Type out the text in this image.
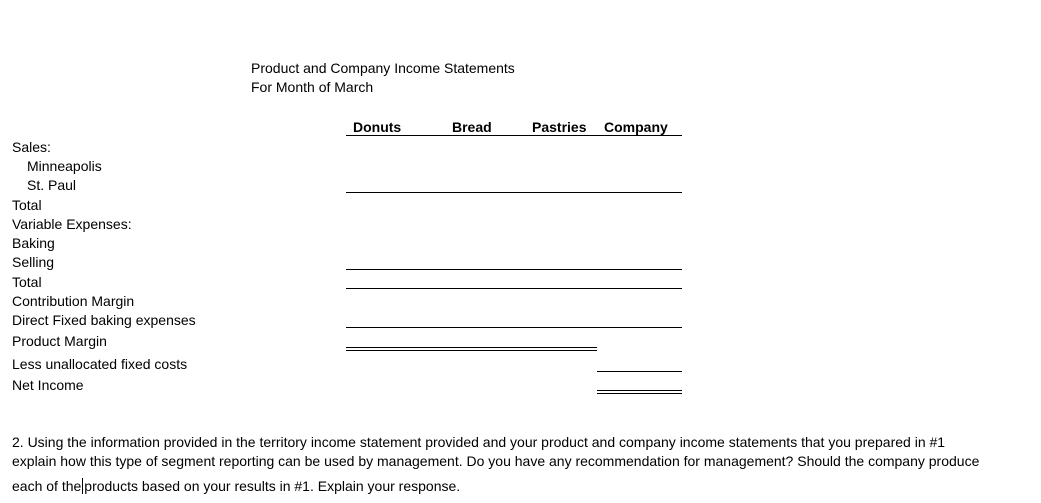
Product and Company Income Statements
For Month of March
Donuts	Bread	Pastries Company
Sales:
Minneapolis
St. Paul
Total
Variable Expenses:
Baking
Selling
Total
Contribution Margin
Direct Fixed baking expenses
Product Margin
Less unallocated fixed costs
Net Income
2. Using the information provided in the territory income statement provided and your product and company income statements that you prepared in #1
explain how this type of segment reporting can be used by management. Do you have any recommendation for management? Should the company produce
each of the products based on your results in #1. Explain your response.
